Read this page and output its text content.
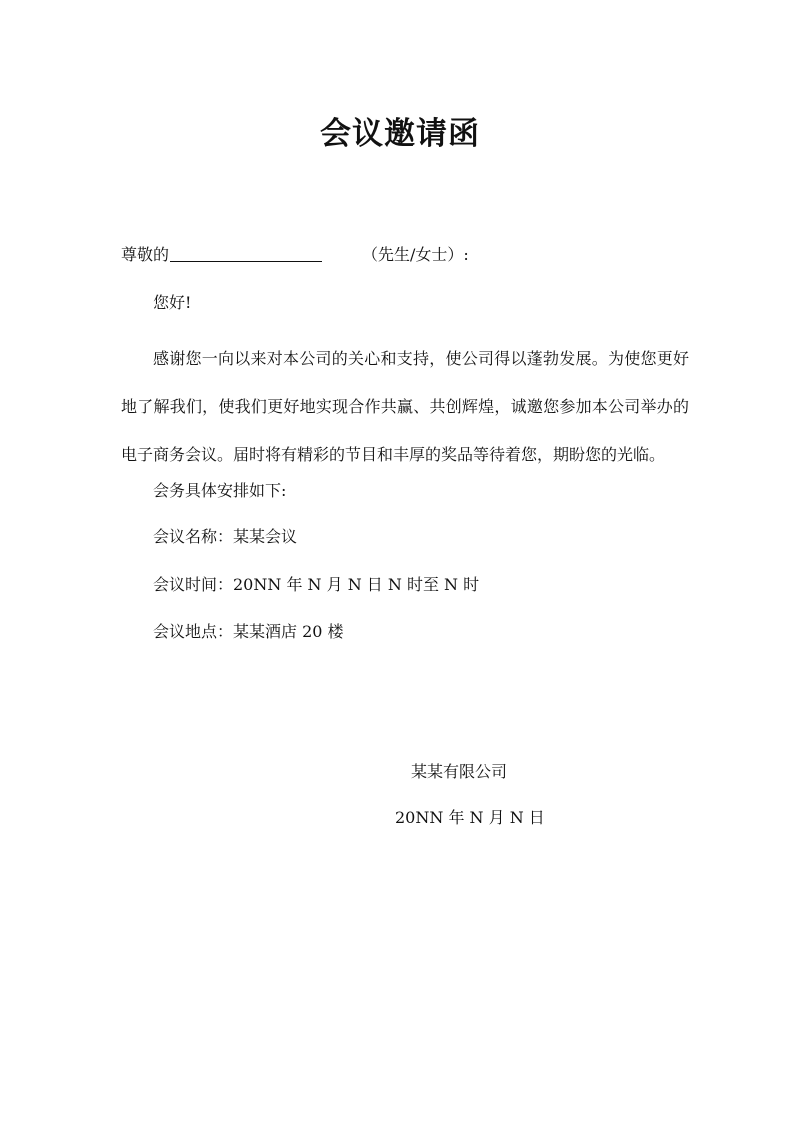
会议邀请函
尊敬的	（先生/女士）:
您好!

感谢您一向以来对本公司的关心和支持，使公司得以蓬勃发展。为使您更好地了解我们，使我们更好地实现合作共赢、共创辉煌，诚邀您参加本公司举办的电子商务会议。届时将有精彩的节目和丰厚的奖品等待着您，期盼您的光临。

会务具体安排如下:
会议名称：某某会议
会议时间：20NN 年 N 月 N 日 N 时至 N 时
会议地点：某某酒店 20 楼
某某有限公司
20NN 年 N 月 N 日
